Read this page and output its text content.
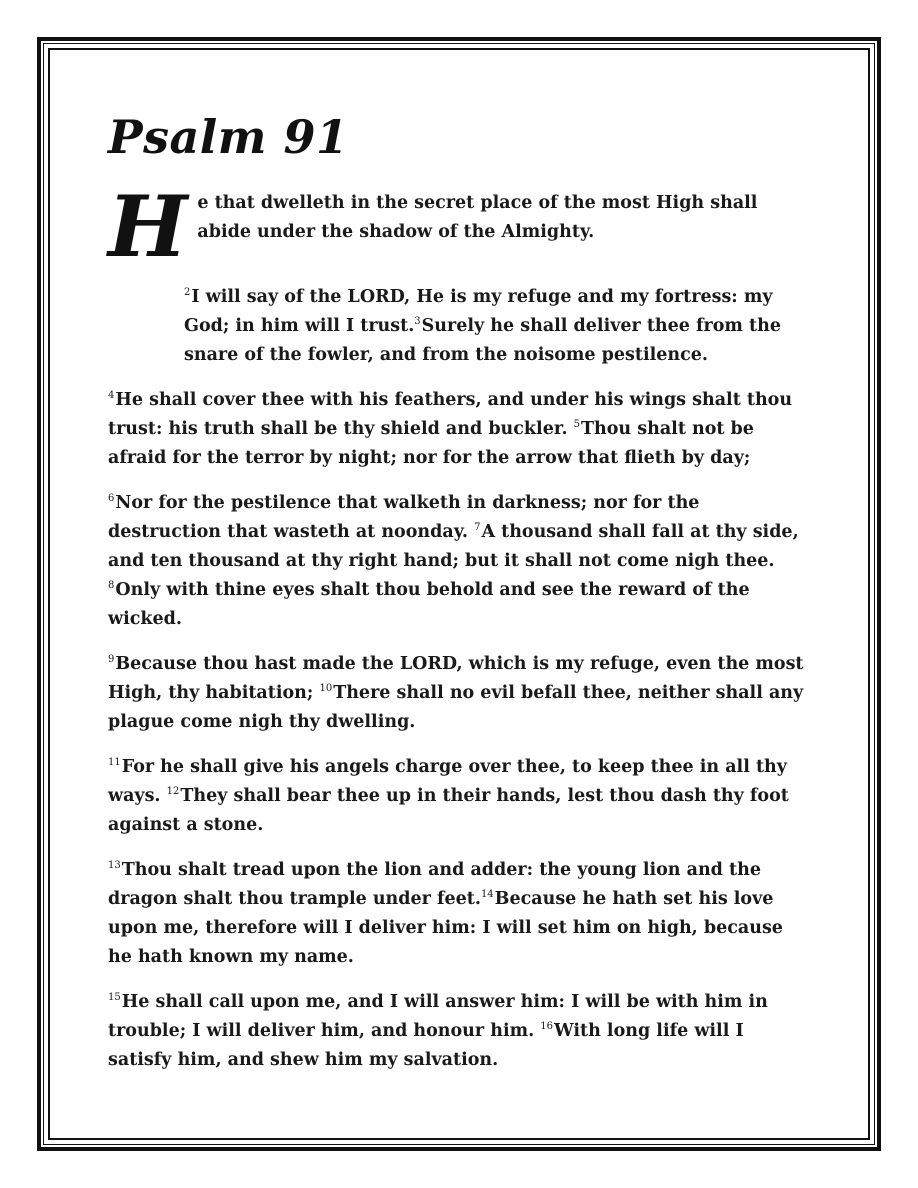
Psalm 91

H e that dwelleth in the secret place of the most High shall abide under the shadow of the Almighty.

$^2$I will say of the LORD, He is my refuge and my fortress: my God; in him will I trust.$^3$Surely he shall deliver thee from the snare of the fowler, and from the noisome pestilence.

$^4$He shall cover thee with his feathers, and under his wings shalt thou trust: his truth shall be thy shield and buckler. $^5$Thou shalt not be afraid for the terror by night; nor for the arrow that flieth by day;

$^6$Nor for the pestilence that walketh in darkness; nor for the destruction that wasteth at noonday. $^7$A thousand shall fall at thy side, and ten thousand at thy right hand; but it shall not come nigh thee. $^8$Only with thine eyes shalt thou behold and see the reward of the wicked.

$^9$Because thou hast made the LORD, which is my refuge, even the most High, thy habitation; $^{10}$There shall no evil befall thee, neither shall any plague come nigh thy dwelling.

$^{11}$For he shall give his angels charge over thee, to keep thee in all thy ways. $^{12}$They shall bear thee up in their hands, lest thou dash thy foot against a stone.

$^{13}$Thou shalt tread upon the lion and adder: the young lion and the dragon shalt thou trample under feet.$^{14}$Because he hath set his love upon me, therefore will I deliver him: I will set him on high, because he hath known my name.

$^{15}$He shall call upon me, and I will answer him: I will be with him in trouble; I will deliver him, and honour him. $^{16}$With long life will I satisfy him, and shew him my salvation.
